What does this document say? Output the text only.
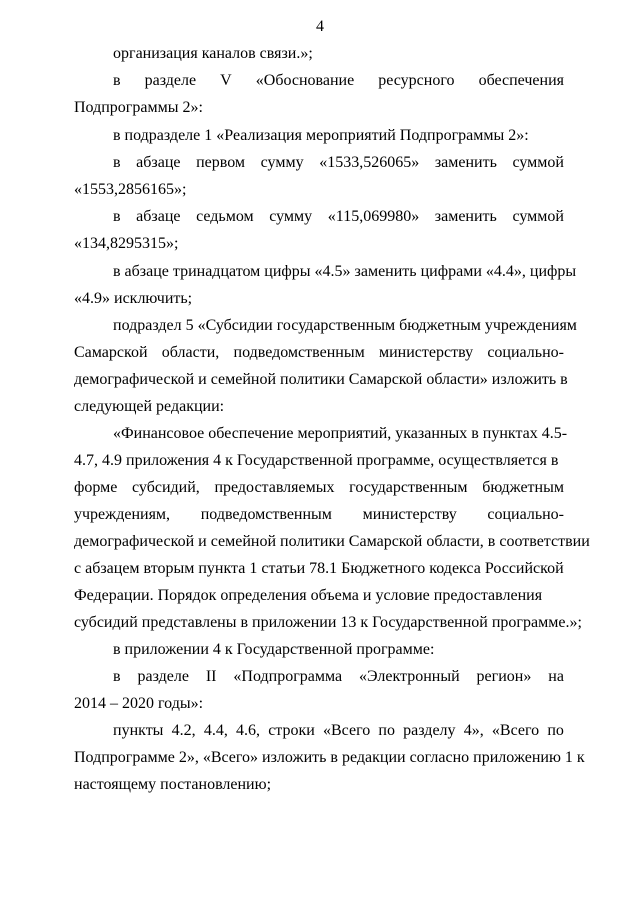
4
организация каналов связи.»;
в разделе V «Обоснование ресурсного обеспечения
Подпрограммы 2»:
в подразделе 1 «Реализация мероприятий Подпрограммы 2»:
в абзаце первом сумму «1533,526065» заменить суммой
«1553,2856165»;
в абзаце седьмом сумму «115,069980» заменить суммой
«134,8295315»;
в абзаце тринадцатом цифры «4.5» заменить цифрами «4.4», цифры
«4.9» исключить;
подраздел 5 «Субсидии государственным бюджетным учреждениям
Самарской области, подведомственным министерству социально-
демографической и семейной политики Самарской области» изложить в
следующей редакции:
«Финансовое обеспечение мероприятий, указанных в пунктах 4.5-
4.7, 4.9 приложения 4 к Государственной программе, осуществляется в
форме субсидий, предоставляемых государственным бюджетным
учреждениям, подведомственным министерству социально-
демографической и семейной политики Самарской области, в соответствии
с абзацем вторым пункта 1 статьи 78.1 Бюджетного кодекса Российской
Федерации. Порядок определения объема и условие предоставления
субсидий представлены в приложении 13 к Государственной программе.»;
в приложении 4 к Государственной программе:
в разделе II «Подпрограмма «Электронный регион» на
2014 – 2020 годы»:
пункты 4.2, 4.4, 4.6, строки «Всего по разделу 4», «Всего по
Подпрограмме 2», «Всего» изложить в редакции согласно приложению 1 к
настоящему постановлению;
